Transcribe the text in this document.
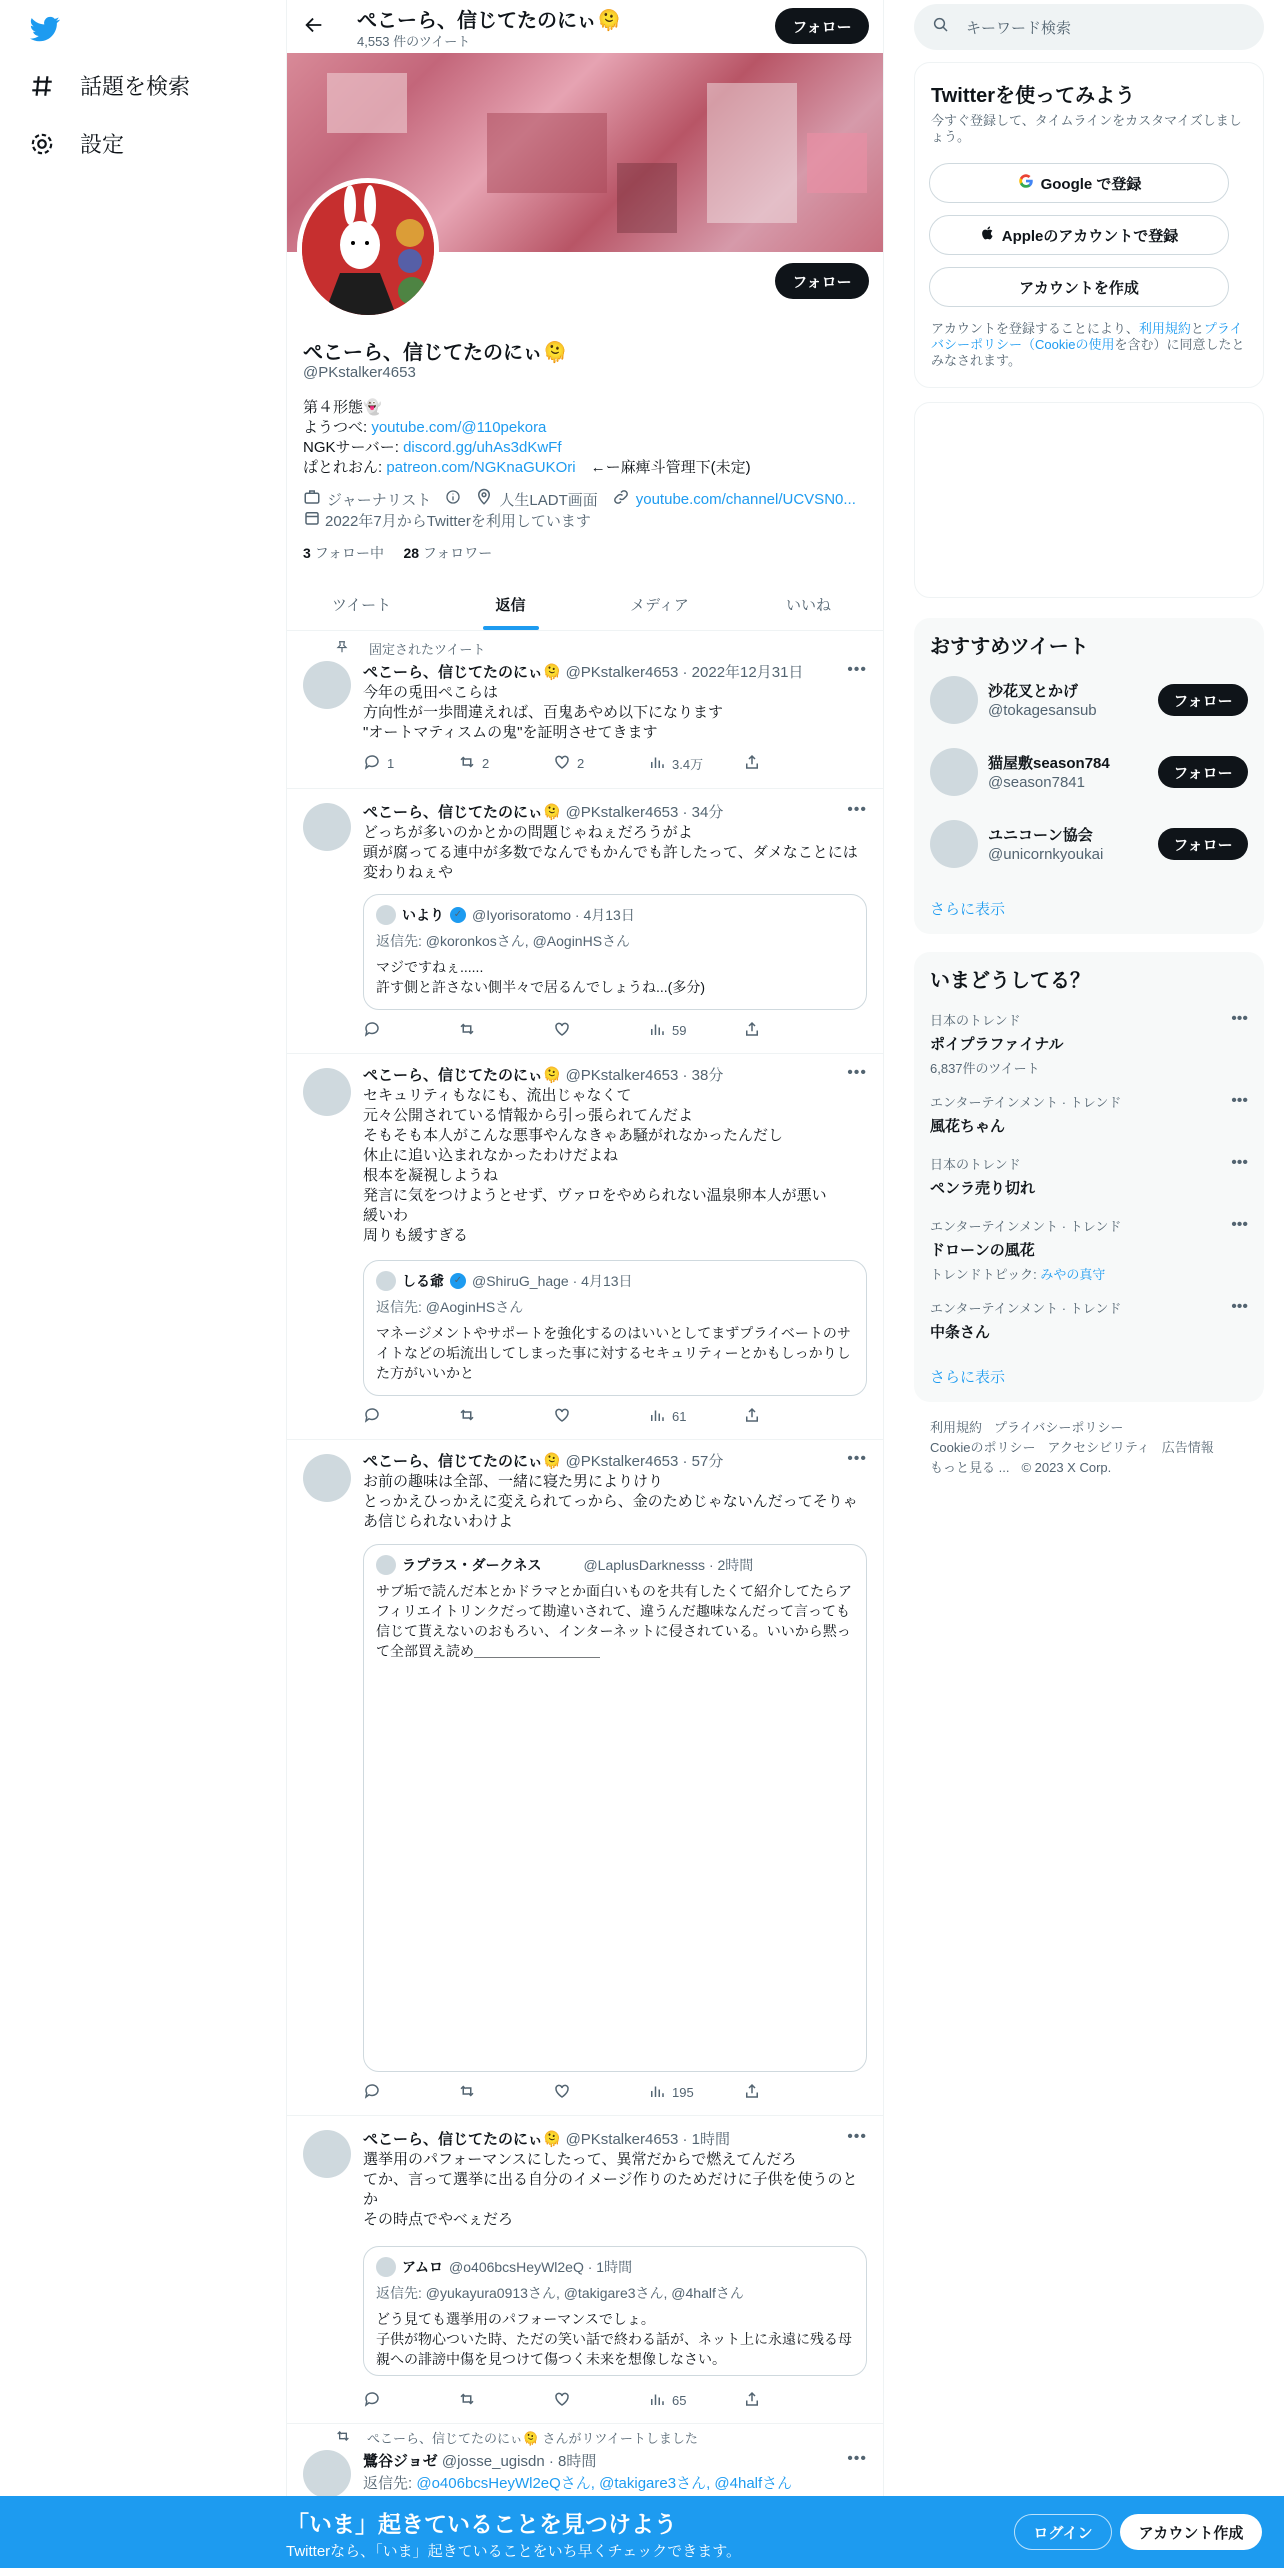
話題を検索
設定
ぺこーら、信じてたのにぃ🫠
4,553 件のツイート
フォロー
フォロー
ぺこーら、信じてたのにぃ🫠
@PKstalker4653
第４形態👻
ようつべ: youtube.com/@110pekora
NGKサーバー: discord.gg/uhAs3dKwFf
ぱとれおん: patreon.com/NGKnaGUKOri　←ー麻痺斗管理下(未定)
ジャーナリスト	人生LADT画面	youtube.com/channel/UCVSN0...
2022年7月からTwitterを利用しています
3 フォロー中 28 フォロワー
ツイート	返信	メディア	いいね
固定されたツイート
ぺこーら、信じてたのにぃ🫠 @PKstalker4653 · 2022年12月31日	•••
今年の兎田ぺこらは
方向性が一歩間違えれば、百鬼あやめ以下になります
"オートマティスムの鬼"を証明させてきます
1	2	2	3.4万
ぺこーら、信じてたのにぃ🫠 @PKstalker4653 · 34分	•••
どっちが多いのかとかの問題じゃねぇだろうがよ
頭が腐ってる連中が多数でなんでもかんでも許したって、ダメなことには変わりねぇや
いより ✓ @Iyorisoratomo · 4月13日
返信先: @koronkosさん, @AoginHSさん
マジですねぇ......
許す側と許さない側半々で居るんでしょうね...(多分)
59
ぺこーら、信じてたのにぃ🫠 @PKstalker4653 · 38分	•••
セキュリティもなにも、流出じゃなくて
元々公開されている情報から引っ張られてんだよ
そもそも本人がこんな悪事やんなきゃあ騒がれなかったんだし
休止に追い込まれなかったわけだよね
根本を凝視しようね
発言に気をつけようとせず、ヴァロをやめられない温泉卵本人が悪い
緩いわ
周りも緩すぎる
しる爺 ✓ @ShiruG_hage · 4月13日
返信先: @AoginHSさん
マネージメントやサポートを強化するのはいいとしてまずプライベートのサイトなどの垢流出してしまった事に対するセキュリティーとかもしっかりした方がいいかと
61
ぺこーら、信じてたのにぃ🫠 @PKstalker4653 · 57分	•••
お前の趣味は全部、一緒に寝た男によりけり
とっかえひっかえに変えられてっから、金のためじゃないんだってそりゃあ信じられないわけよ
ラプラス・ダークネス	@LaplusDarknesss · 2時間
サブ垢で読んだ本とかドラマとか面白いものを共有したくて紹介してたらアフィリエイトリンクだって勘違いされて、違うんだ趣味なんだって言っても信じて貰えないのおもろい、インターネットに侵されている。いいから黙って全部買え読め＿＿＿＿＿＿＿＿＿
195
ぺこーら、信じてたのにぃ🫠 @PKstalker4653 · 1時間	•••
選挙用のパフォーマンスにしたって、異常だからで燃えてんだろ
てか、言って選挙に出る自分のイメージ作りのためだけに子供を使うのとか
その時点でやべぇだろ
アムロ @o406bcsHeyWl2eQ · 1時間
返信先: @yukayura0913さん, @takigare3さん, @4halfさん
どう見ても選挙用のパフォーマンスでしょ。
子供が物心ついた時、ただの笑い話で終わる話が、ネット上に永遠に残る母親への誹謗中傷を見つけて傷つく未来を想像しなさい。
65
ぺこーら、信じてたのにぃ🫠 さんがリツイートしました
鷺谷ジョゼ @josse_ugisdn · 8時間	•••
返信先: @o406bcsHeyWl2eQさん, @takigare3さん, @4halfさん
キーワード検索
Twitterを使ってみよう
今すぐ登録して、タイムラインをカスタマイズしましょう。
Google で登録
Appleのアカウントで登録
アカウントを作成
アカウントを登録することにより、利用規約とプライバシーポリシー（Cookieの使用を含む）に同意したとみなされます。
おすすめツイート
沙花叉とかげ
@tokagesansub
フォロー
猫屋敷season784
@season7841
フォロー
ユニコーン協会
@unicornkyoukai
フォロー
さらに表示
いまどうしてる？
日本のトレンド
ポイプラファイナル
6,837件のツイート
•••
エンターテインメント · トレンド
風花ちゃん
•••
日本のトレンド
ペンラ売り切れ
•••
エンターテインメント · トレンド
ドローンの風花
トレンドトピック: みやの真守
•••
エンターテインメント · トレンド
中条さん
•••
さらに表示
利用規約 プライバシーポリシー
Cookieのポリシー アクセシビリティ 広告情報
もっと見る ... © 2023 X Corp.
「いま」起きていることを見つけよう
Twitterなら、「いま」起きていることをいち早くチェックできます。
ログイン	アカウント作成
